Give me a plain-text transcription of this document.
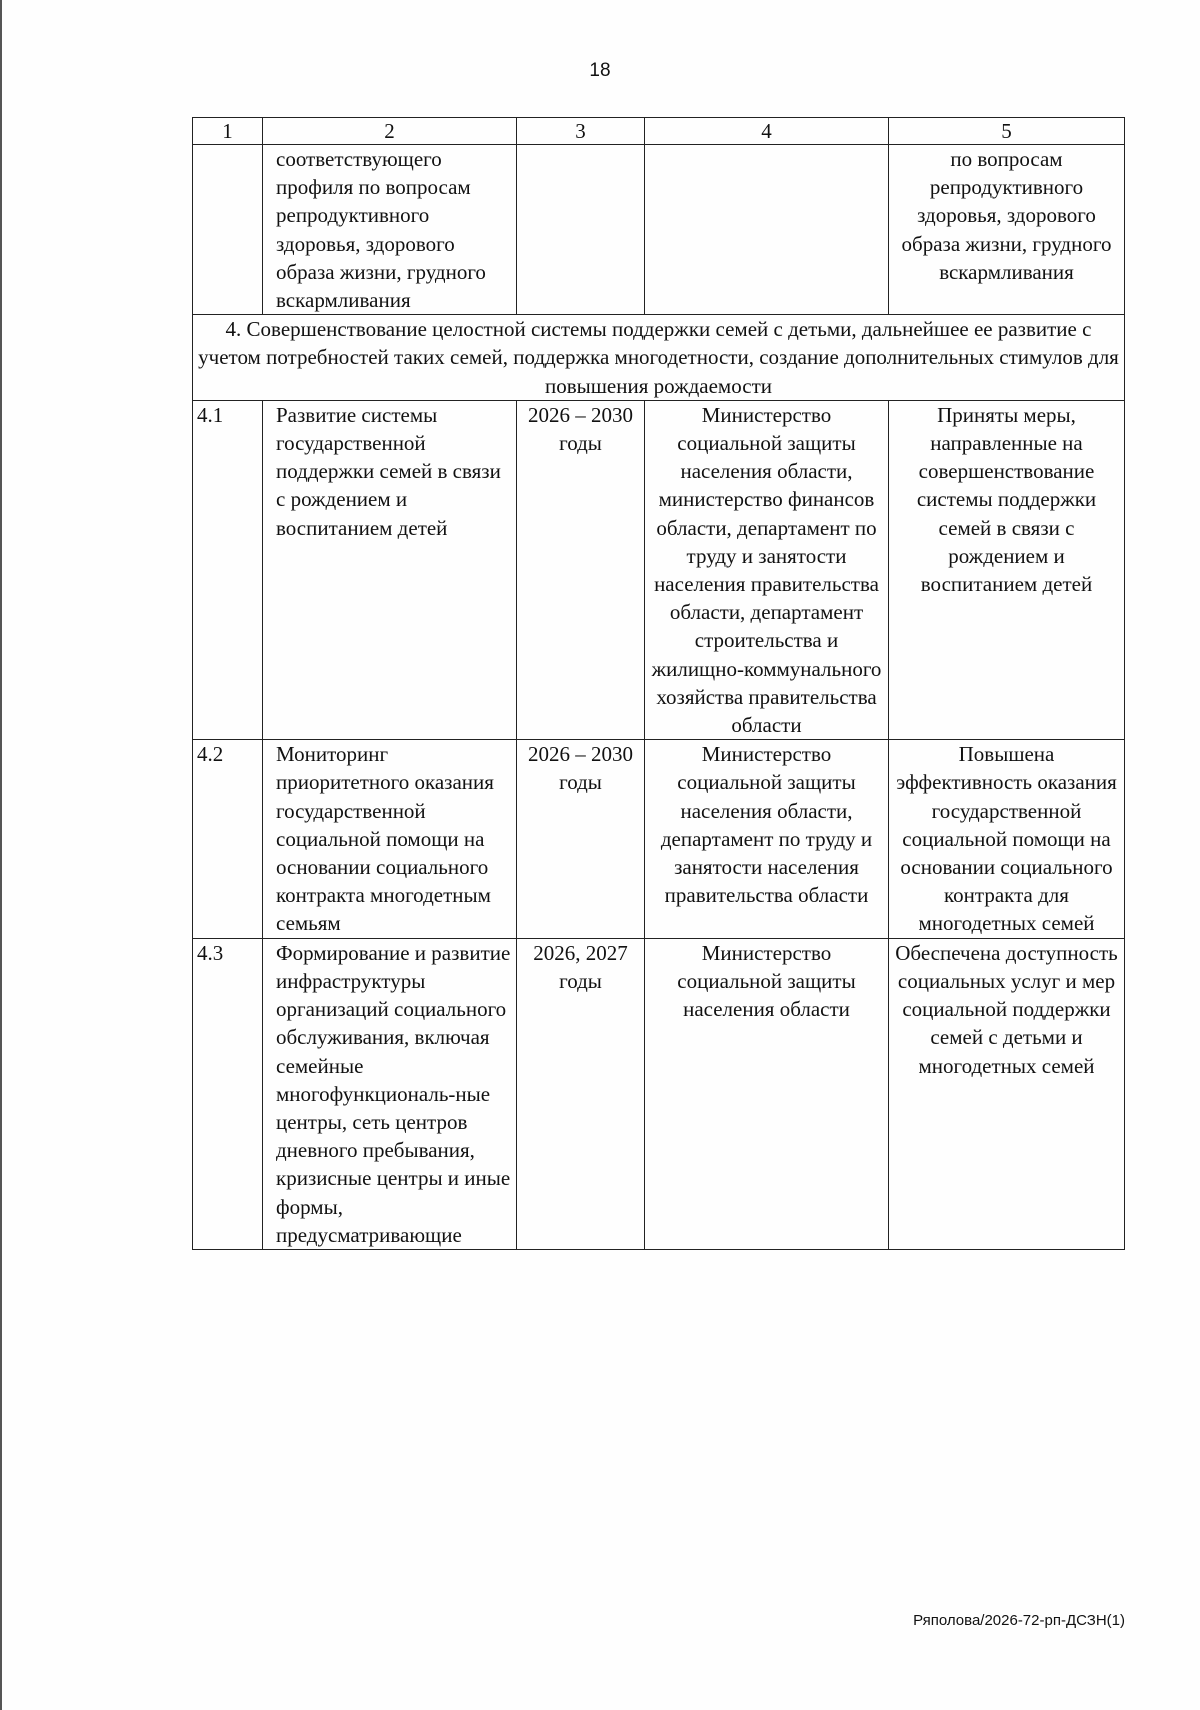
18
1	2	3	4	5
	соответствующего профиля по вопросам репродуктивного здоровья, здорового образа жизни, грудного вскармливания			по вопросам репродуктивного здоровья, здорового образа жизни, грудного вскармливания
4. Совершенствование целостной системы поддержки семей с детьми, дальнейшее ее развитие с учетом потребностей таких семей, поддержка многодетности, создание дополнительных стимулов для повышения рождаемости				
4.1	Развитие системы государственной поддержки семей в связи с рождением и воспитанием детей	2026 – 2030 годы	Министерство социальной защиты населения области, министерство финансов области, департамент по труду и занятости населения правительства области, департамент строительства и жилищно-коммунального хозяйства правительства области	Приняты меры, направленные на совершенствование системы поддержки семей в связи с рождением и воспитанием детей
4.2	Мониторинг приоритетного оказания государственной социальной помощи на основании социального контракта многодетным семьям	2026 – 2030 годы	Министерство социальной защиты населения области, департамент по труду и занятости населения правительства области	Повышена эффективность оказания государственной социальной помощи на основании социального контракта для многодетных семей
4.3	Формирование и развитие инфраструктуры организаций социального обслуживания, включая семейные многофункциональ-ные центры, сеть центров дневного пребывания, кризисные центры и иные формы, предусматривающие	2026, 2027 годы	Министерство социальной защиты населения области	Обеспечена доступность социальных услуг и мер социальной поддержки семей с детьми и многодетных семей
Ряполова/2026-72-рп-ДСЗН(1)
